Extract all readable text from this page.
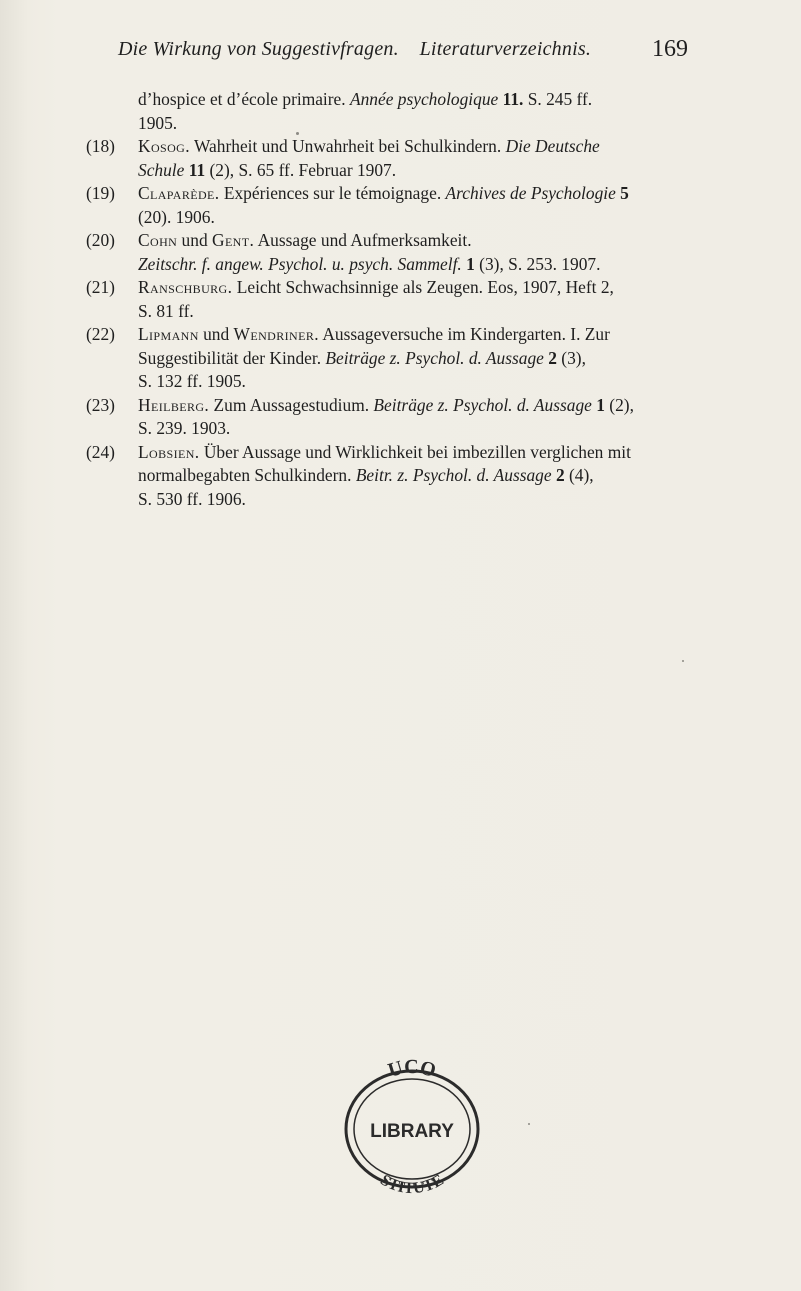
Die Wirkung von Suggestivfragen. Literaturverzeichnis.	169
d’hospice et d’école primaire. Année psychologique 11. S. 245 ff.
1905.
(18) Kosog. Wahrheit und Unwahrheit bei Schulkindern. Die Deutsche
Schule 11 (2), S. 65 ff. Februar 1907.
(19) Claparède. Expériences sur le témoignage. Archives de Psychologie 5
(20). 1906.
(20) Cohn und Gent. Aussage und Aufmerksamkeit.
Zeitschr. f. angew. Psychol. u. psych. Sammelf. 1 (3), S. 253. 1907.
(21) Ranschburg. Leicht Schwachsinnige als Zeugen. Eos, 1907, Heft 2,
S. 81 ff.
(22) Lipmann und Wendriner. Aussageversuche im Kindergarten. I. Zur
Suggestibilität der Kinder. Beiträge z. Psychol. d. Aussage 2 (3),
S. 132 ff. 1905.
(23) Heilberg. Zum Aussagestudium. Beiträge z. Psychol. d. Aussage 1 (2),
S. 239. 1903.
(24) Lobsien. Über Aussage und Wirklichkeit bei imbezillen verglichen mit
normalbegabten Schulkindern. Beitr. z. Psychol. d. Aussage 2 (4),
S. 530 ff. 1906.
UCO
LIBRARY
STITUTE
